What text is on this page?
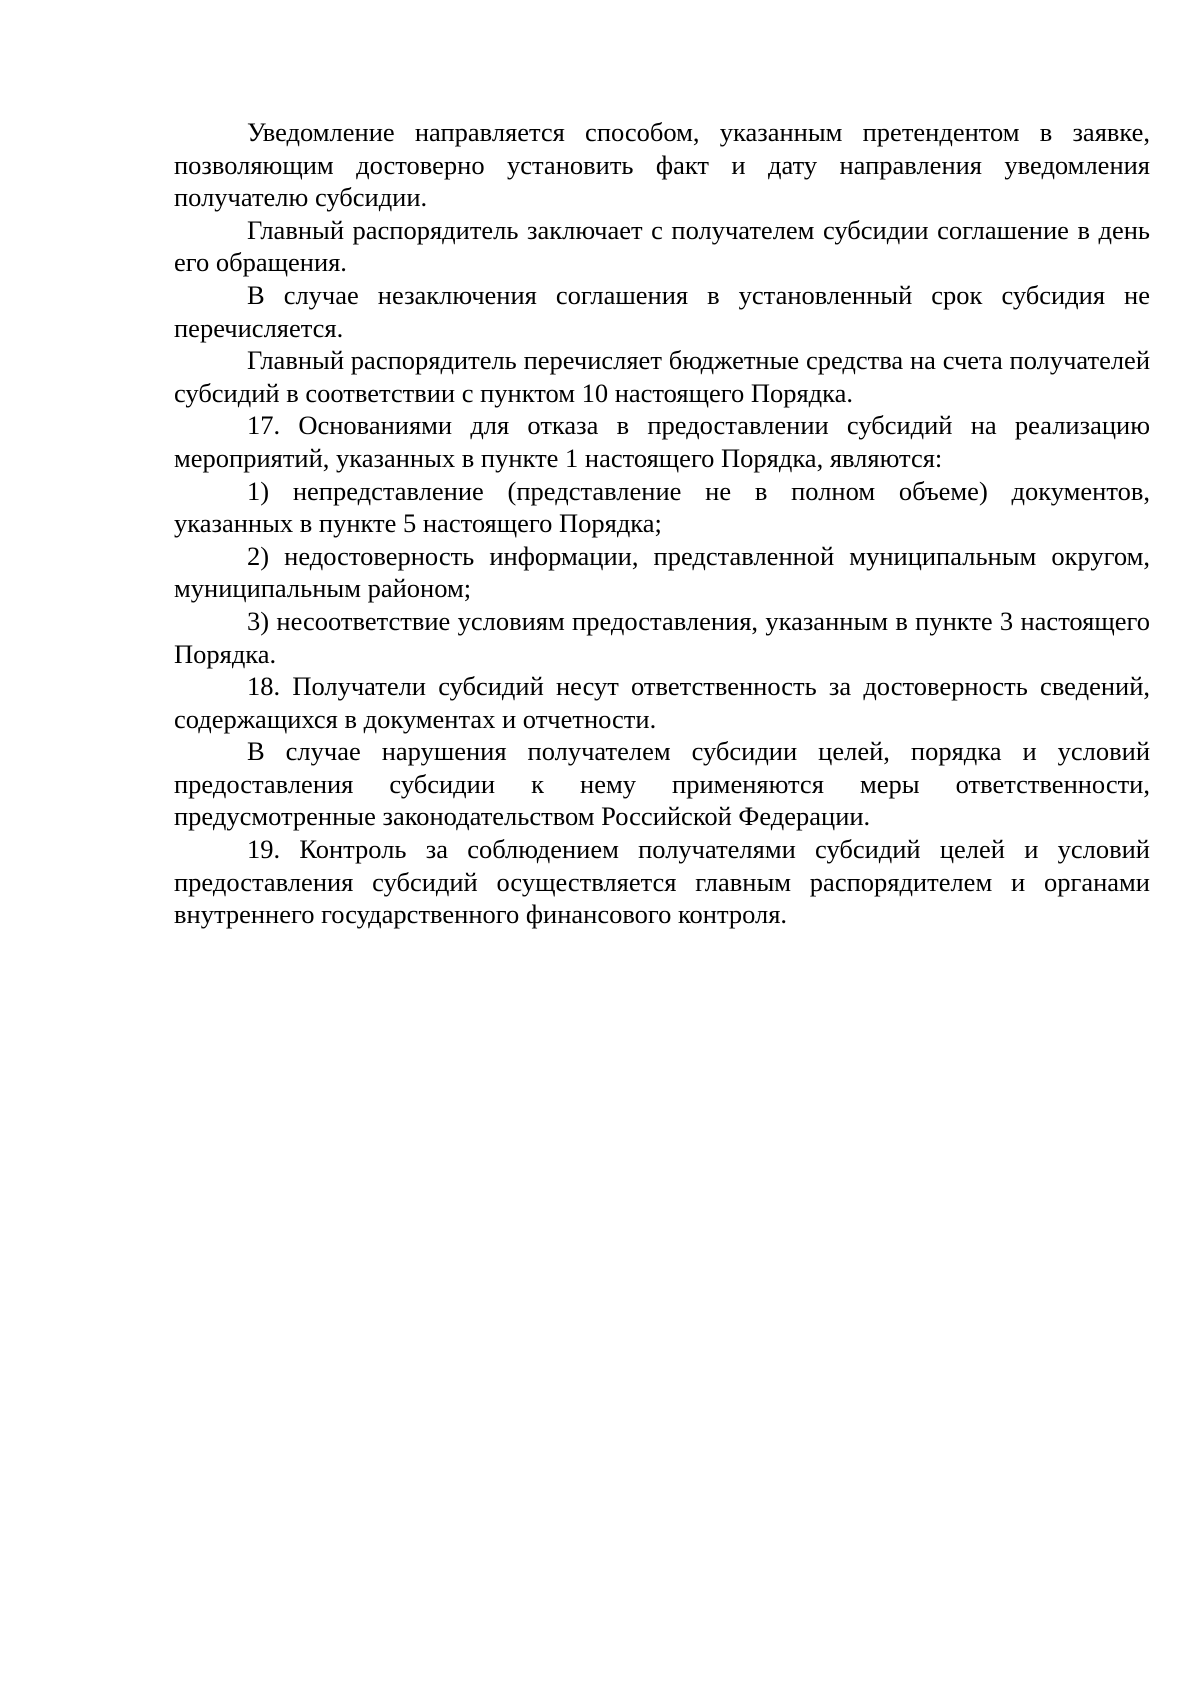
Уведомление направляется способом, указанным претендентом в заявке, позволяющим достоверно установить факт и дату направления уведомления получателю субсидии.

Главный распорядитель заключает с получателем субсидии соглашение в день его обращения.

В случае незаключения соглашения в установленный срок субсидия не перечисляется.

Главный распорядитель перечисляет бюджетные средства на счета получателей субсидий в соответствии с пунктом 10 настоящего Порядка.

17. Основаниями для отказа в предоставлении субсидий на реализацию мероприятий, указанных в пункте 1 настоящего Порядка, являются:

1) непредставление (представление не в полном объеме) документов, указанных в пункте 5 настоящего Порядка;

2) недостоверность информации, представленной муниципальным округом, муниципальным районом;

3) несоответствие условиям предоставления, указанным в пункте 3 настоящего Порядка.

18. Получатели субсидий несут ответственность за достоверность сведений, содержащихся в документах и отчетности.

В случае нарушения получателем субсидии целей, порядка и условий предоставления субсидии к нему применяются меры ответственности, предусмотренные законодательством Российской Федерации.

19. Контроль за соблюдением получателями субсидий целей и условий предоставления субсидий осуществляется главным распорядителем и органами внутреннего государственного финансового контроля.
